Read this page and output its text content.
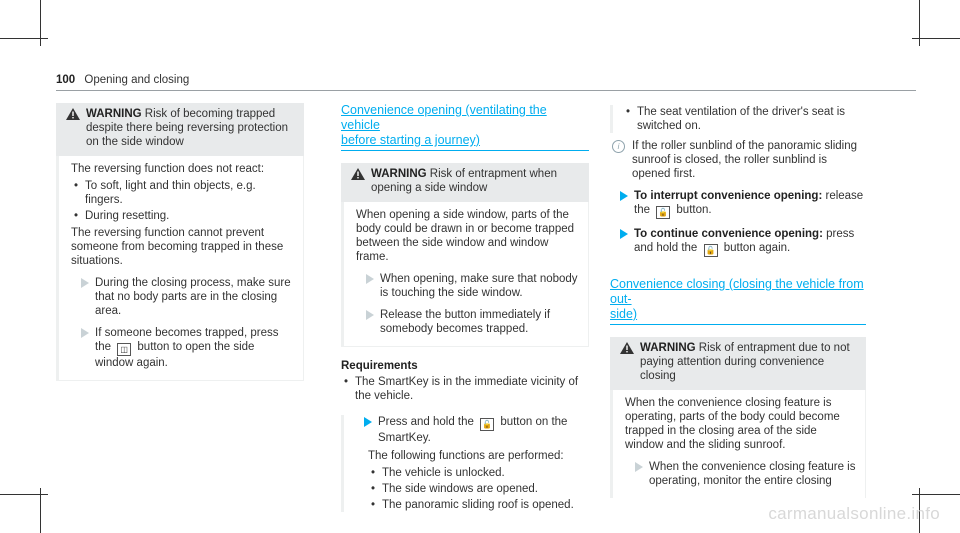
100 Opening and closing
WARNING Risk of becoming trapped despite there being reversing protection on the side window

The reversing function does not react:

• To soft, light and thin objects, e.g. fingers.
• During resetting.

The reversing function cannot prevent someone from becoming trapped in these situations.

During the closing process, make sure that no body parts are in the closing area.
If someone becomes trapped, press the ◫ button to open the side window again.
Convenience opening (ventilating the vehicle
before starting a journey)
WARNING Risk of entrapment when opening a side window

When opening a side window, parts of the body could be drawn in or become trapped between the side window and window frame.

When opening, make sure that nobody is touching the side window.
Release the button immediately if somebody becomes trapped.
Requirements
• The SmartKey is in the immediate vicinity of the vehicle.
Press and hold the 🔓 button on the SmartKey.

The following functions are performed:

• The vehicle is unlocked.
• The side windows are opened.
• The panoramic sliding roof is opened.
• The seat ventilation of the driver's seat is switched on.
i	If the roller sunblind of the panoramic sliding sunroof is closed, the roller sunblind is opened first.
To interrupt convenience opening: release the 🔓 button.
To continue convenience opening: press and hold the 🔓 button again.
Convenience closing (closing the vehicle from out-
side)
WARNING Risk of entrapment due to not paying attention during convenience closing

When the convenience closing feature is operating, parts of the body could become trapped in the closing area of the side window and the sliding sunroof.

When the convenience closing feature is operating, monitor the entire closing
carmanualsonline.info
